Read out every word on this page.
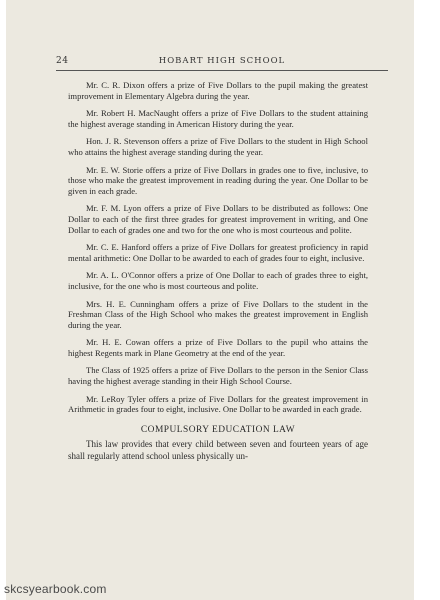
24	HOBART HIGH SCHOOL

Mr. C. R. Dixon offers a prize of Five Dollars to the pupil making the greatest improvement in Elementary Algebra during the year.

Mr. Robert H. MacNaught offers a prize of Five Dollars to the student attaining the highest average standing in American History during the year.

Hon. J. R. Stevenson offers a prize of Five Dollars to the student in High School who attains the highest average standing during the year.

Mr. E. W. Storie offers a prize of Five Dollars in grades one to five, inclusive, to those who make the greatest improvement in reading during the year. One Dollar to be given in each grade.

Mr. F. M. Lyon offers a prize of Five Dollars to be distributed as follows: One Dollar to each of the first three grades for greatest improvement in writing, and One Dollar to each of grades one and two for the one who is most courteous and polite.

Mr. C. E. Hanford offers a prize of Five Dollars for greatest proficiency in rapid mental arithmetic: One Dollar to be awarded to each of grades four to eight, inclusive.

Mr. A. L. O'Connor offers a prize of One Dollar to each of grades three to eight, inclusive, for the one who is most courteous and polite.

Mrs. H. E. Cunningham offers a prize of Five Dollars to the student in the Freshman Class of the High School who makes the greatest improvement in English during the year.

Mr. H. E. Cowan offers a prize of Five Dollars to the pupil who attains the highest Regents mark in Plane Geometry at the end of the year.

The Class of 1925 offers a prize of Five Dollars to the person in the Senior Class having the highest average standing in their High School Course.

Mr. LeRoy Tyler offers a prize of Five Dollars for the greatest improvement in Arithmetic in grades four to eight, inclusive. One Dollar to be awarded in each grade.

COMPULSORY EDUCATION LAW

This law provides that every child between seven and fourteen years of age shall regularly attend school unless physically un-

skcsyearbook.com
